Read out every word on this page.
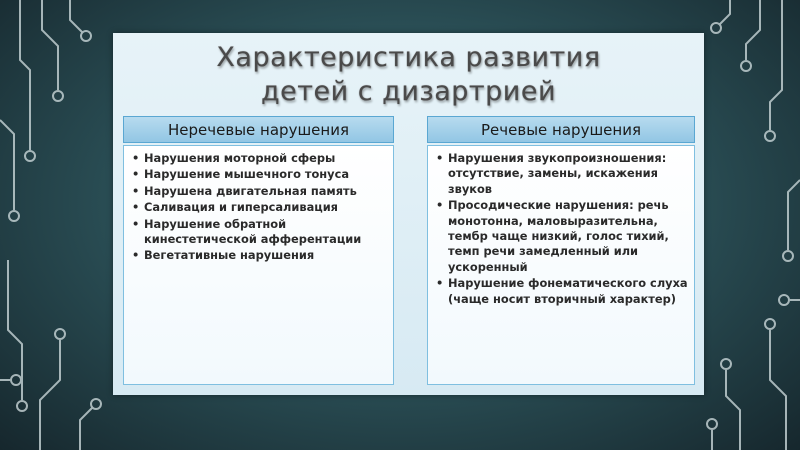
Характеристика развития
детей с дизартрией
Неречевые нарушения
• Нарушения моторной сферы
• Нарушение мышечного тонуса
• Нарушена двигательная память
• Саливация и гиперсаливация
• Нарушение обратной кинестетической афферентации
• Вегетативные нарушения
Речевые нарушения
• Нарушения звукопроизношения: отсутствие, замены, искажения звуков
• Просодические нарушения: речь монотонна, маловыразительна, тембр чаще низкий, голос тихий, темп речи замедленный или ускоренный
• Нарушение фонематического слуха (чаще носит вторичный характер)
